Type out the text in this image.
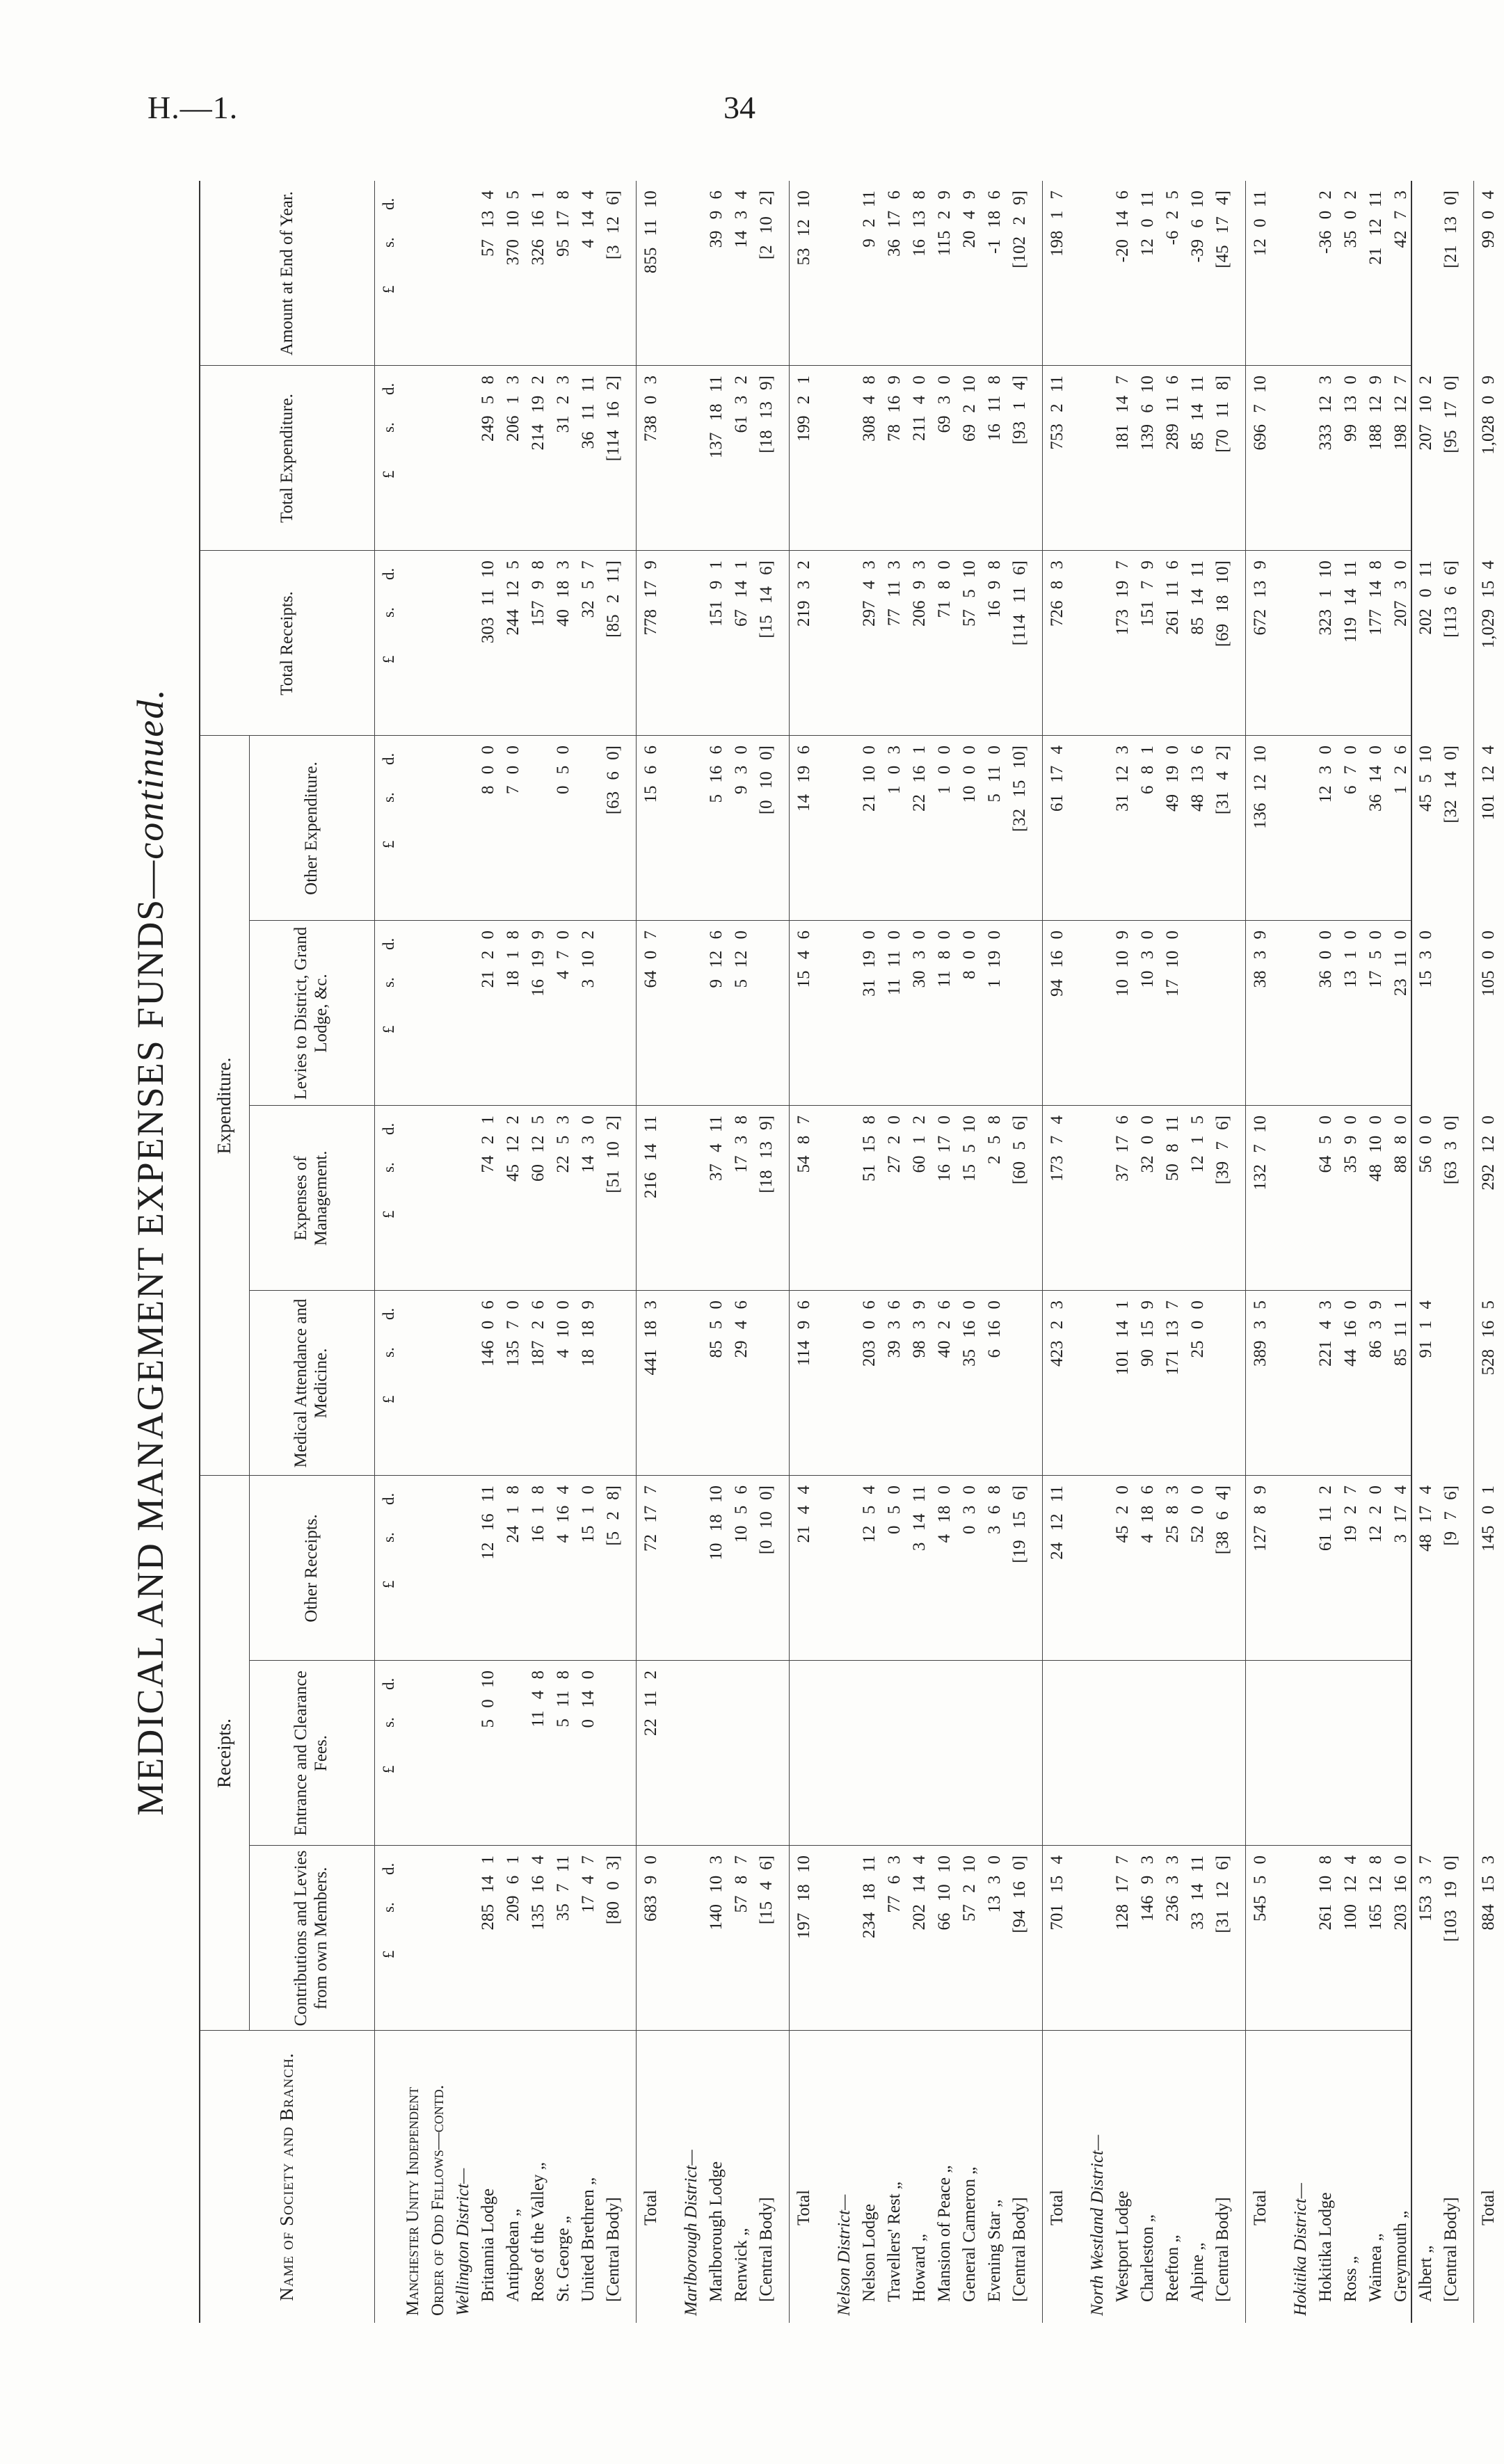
H.—1.	34
MEDICAL AND MANAGEMENT EXPENSES FUNDS—continued.
Name of Society and Branch.
Receipts.
Expenditure.
Contributions and Levies from own Members.
Entrance and Clearance Fees.
Other Receipts.
Medical Attendance and Medicine.
Expenses of Management.
Levies to District, Grand Lodge, &c.
Other Expenditure.
Total Receipts.
Total Expenditure.
Amount at End of Year.
£
s.
d.
£
s.
d.
£
s.
d.
£
s.
d.
£
s.
d.
£
s.
d.
£
s.
d.
£
s.
d.
£
s.
d.
£
s.
d.
Manchester Unity Independent Order of Odd Fellows—contd. Wellington District— Britannia Lodge
285 14 1
5 0 10
12 16 11
146 0 6
74 2 1
21 2 0
8 0 0
303 11 10
249 5 8
57 13 4
Antipodean „
209 6 1
24 1 8
135 7 0
45 12 2
18 1 8
7 0 0
244 12 5
206 1 3
370 10 5
Rose of the Valley „
135 16 4
11 4 8
16 1 8
187 2 6
60 12 5
16 19 9
157 9 8
214 19 2
326 16 1
St. George „
35 7 11
5 11 8
4 16 4
4 10 0
22 5 3
4 7 0
0 5 0
40 18 3
31 2 3
95 17 8
United Brethren „
17 4 7
0 14 0
15 1 0
18 18 9
14 3 0
3 10 2
32 5 7
36 11 11
4 14 4
[Central Body]
[80 0 3]
[5 2 8]
[51 10 2]
[63 6 0]
[85 2 11]
[114 16 2]
[3 12 6]
Total
683 9 0
22 11 2
72 17 7
441 18 3
216 14 11
64 0 7
15 6 6
778 17 9
738 0 3
855 11 10
Marlborough District— Marlborough Lodge
140 10 3
10 18 10
85 5 0
37 4 11
9 12 6
5 16 6
151 9 1
137 18 11
39 9 6
Renwick „
57 8 7
10 5 6
29 4 6
17 3 8
5 12 0
9 3 0
67 14 1
61 3 2
14 3 4
[Central Body]
[15 4 6]
[0 10 0]
[18 13 9]
[0 10 0]
[15 14 6]
[18 13 9]
[2 10 2]
Total
197 18 10
21 4 4
114 9 6
54 8 7
15 4 6
14 19 6
219 3 2
199 2 1
53 12 10
Nelson District— Nelson Lodge
234 18 11
12 5 4
203 0 6
51 15 8
31 19 0
21 10 0
297 4 3
308 4 8
9 2 11
Travellers' Rest „
77 6 3
0 5 0
39 3 6
27 2 0
11 11 0
1 0 3
77 11 3
78 16 9
36 17 6
Howard „
202 14 4
3 14 11
98 3 9
60 1 2
30 3 0
22 16 1
206 9 3
211 4 0
16 13 8
Mansion of Peace „
66 10 10
4 18 0
40 2 6
16 17 0
11 8 0
1 0 0
71 8 0
69 3 0
115 2 9
General Cameron „
57 2 10
0 3 0
35 16 0
15 5 10
8 0 0
10 0 0
57 5 10
69 2 10
20 4 9
Evening Star „
13 3 0
3 6 8
6 16 0
2 5 8
1 19 0
5 11 0
16 9 8
16 11 8
-1 18 6
[Central Body]
[94 16 0]
[19 15 6]
[60 5 6]
[32 15 10]
[114 11 6]
[93 1 4]
[102 2 9]
Total
701 15 4
24 12 11
423 2 3
173 7 4
94 16 0
61 17 4
726 8 3
753 2 11
198 1 7
North Westland District— Westport Lodge
128 17 7
45 2 0
101 14 1
37 17 6
10 10 9
31 12 3
173 19 7
181 14 7
-20 14 6
Charleston „
146 9 3
4 18 6
90 15 9
32 0 0
10 3 0
6 8 1
151 7 9
139 6 10
12 0 11
Reefton „
236 3 3
25 8 3
171 13 7
50 8 11
17 10 0
49 19 0
261 11 6
289 11 6
-6 2 5
Alpine „
33 14 11
52 0 0
25 0 0
12 1 5
48 13 6
85 14 11
85 14 11
-39 6 10
[Central Body]
[31 12 6]
[38 6 4]
[39 7 6]
[31 4 2]
[69 18 10]
[70 11 8]
[45 17 4]
Total
545 5 0
127 8 9
389 3 5
132 7 10
38 3 9
136 12 10
672 13 9
696 7 10
12 0 11
Hokitika District— Hokitika Lodge
261 10 8
61 11 2
221 4 3
64 5 0
36 0 0
12 3 0
323 1 10
333 12 3
-36 0 2
Ross „
100 12 4
19 2 7
44 16 0
35 9 0
13 1 0
6 7 0
119 14 11
99 13 0
35 0 2
Waimea „
165 12 8
12 2 0
86 3 9
48 10 0
17 5 0
36 14 0
177 14 8
188 12 9
21 12 11
Greymouth „
203 16 0
3 17 4
85 11 1
88 8 0
23 11 0
1 2 6
207 3 0
198 12 7
42 7 3
Albert „
153 3 7
48 17 4
91 1 4
56 0 0
15 3 0
45 5 10
202 0 11
207 10 2
[Central Body]
[103 19 0]
[9 7 6]
[63 3 0]
[32 14 0]
[113 6 6]
[95 17 0]
[21 13 0]
Total
884 15 3
145 0 1
528 16 5
292 12 0
105 0 0
101 12 4
1,029 15 4
1,028 0 9
99 0 4
